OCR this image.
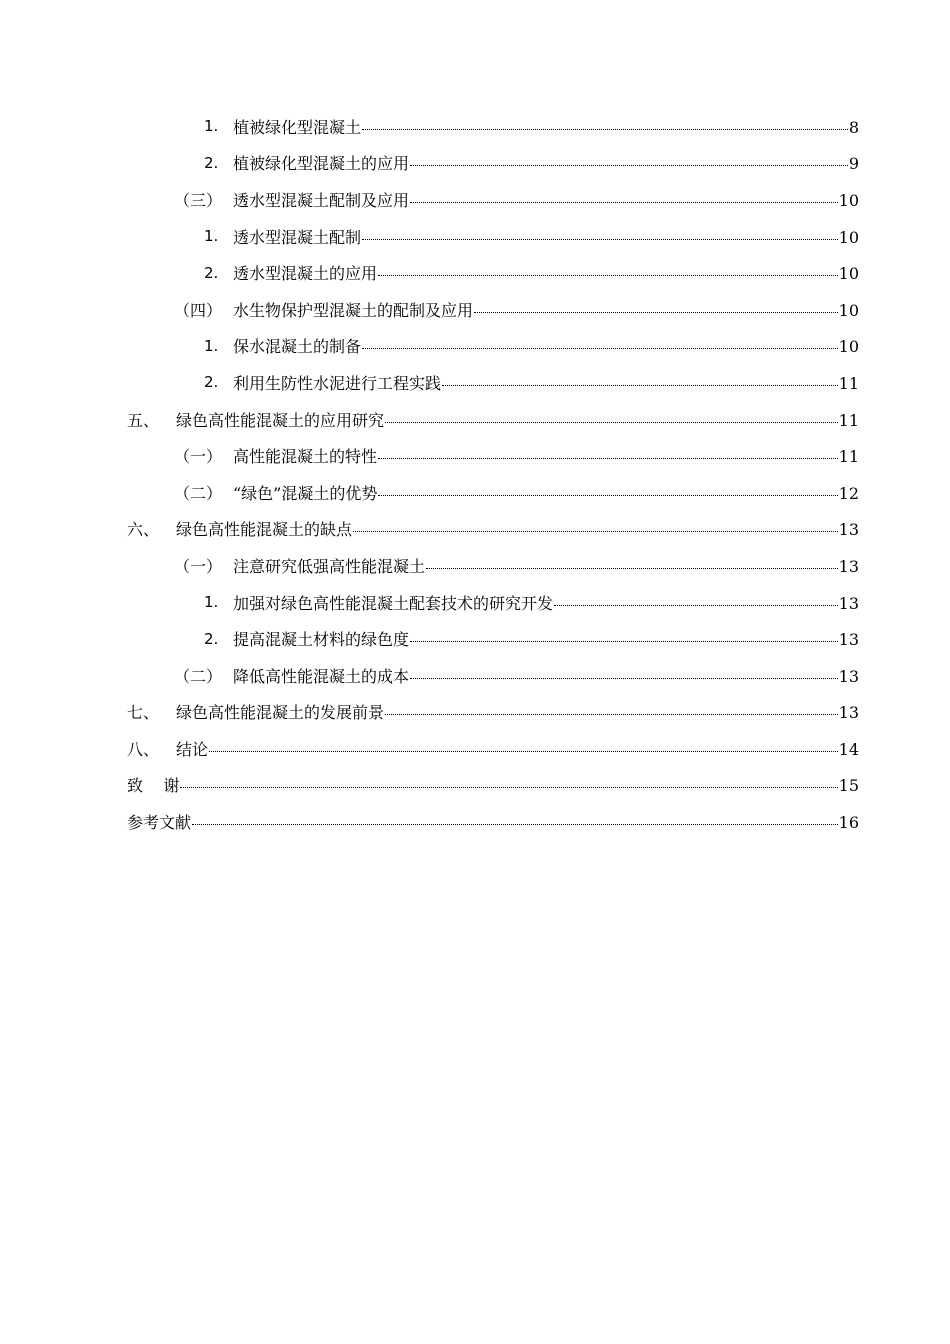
1. 植被绿化型混凝土	8
2. 植被绿化型混凝土的应用	9
（三） 透水型混凝土配制及应用	10
1. 透水型混凝土配制	10
2. 透水型混凝土的应用	10
（四） 水生物保护型混凝土的配制及应用	10
1. 保水混凝土的制备	10
2. 利用生防性水泥进行工程实践	11
五、 绿色高性能混凝土的应用研究	11
（一） 高性能混凝土的特性	11
（二） “绿色”混凝土的优势	12
六、 绿色高性能混凝土的缺点	13
（一） 注意研究低强高性能混凝土	13
1. 加强对绿色高性能混凝土配套技术的研究开发	13
2. 提高混凝土材料的绿色度	13
（二） 降低高性能混凝土的成本	13
七、 绿色高性能混凝土的发展前景	13
八、 结论	14
致    谢	15
参考文献	16
